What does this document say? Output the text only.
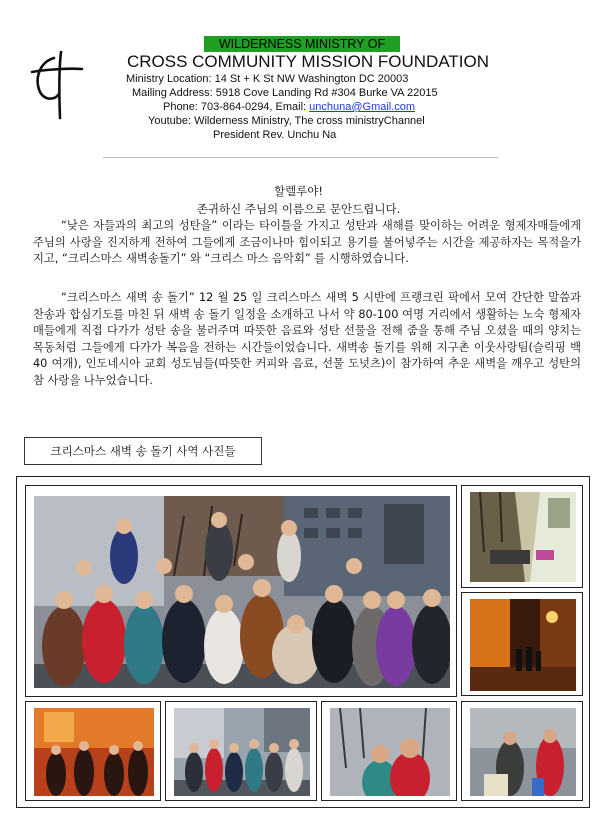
WILDERNESS MINISTRY OF
CROSS COMMUNITY MISSION FOUNDATION
Ministry Location: 14 St + K St NW Washington DC 20003
Mailing Address: 5918 Cove Landing Rd #304 Burke VA 22015
Phone: 703-864-0294, Email: unchuna@Gmail.com
Youtube: Wilderness Ministry, The cross ministryChannel
President Rev. Unchu Na
할렐루야!
존귀하신 주님의 이름으로 문안드립니다.
“낮은 자들과의 최고의 성탄을” 이라는 타이틀을 가지고 성탄과 새해를 맞이하는 어려운 형제자매들에게 주님의 사랑을 진지하게 전하여 그들에게 조금이나마 힘이되고 용기를 불어넣주는 시간을 제공하자는 목적을가지고, “크리스마스 새벽송돌기” 와 “크리스 마스 음악회” 를 시행하였습니다.
“크리스마스 새벽 송 돌기” 12 월 25 일 크리스마스 새벽 5 시반에 프랭크린 팍에서 모여 간단한 말씀과 찬송과 합심기도를 마친 뒤 새벽 송 돌기 일정을 소개하고 나서 약 80-100 여명 거리에서 생활하는 노숙 형제자매들에게 직접 다가가 성탄 송을 불러주며 따뜻한 음료와 성탄 선물을 전해 줌을 통해 주님 오셨을 때의 양치는 목동처럼 그들에게 다가가 복음을 전하는 시간들이었습니다. 새벽송 돌기를 위해 지구촌 이웃사랑팀(슬릭핑 백 40 여개), 인도네시아 교회 성도님들(따뜻한 커피와 음료, 선물 도넛츠)이 참가하여 추운 새벽을 깨우고 성탄의 참 사랑을 나누었습니다.
크리스마스 새벽 송 돌기 사역 사진들
